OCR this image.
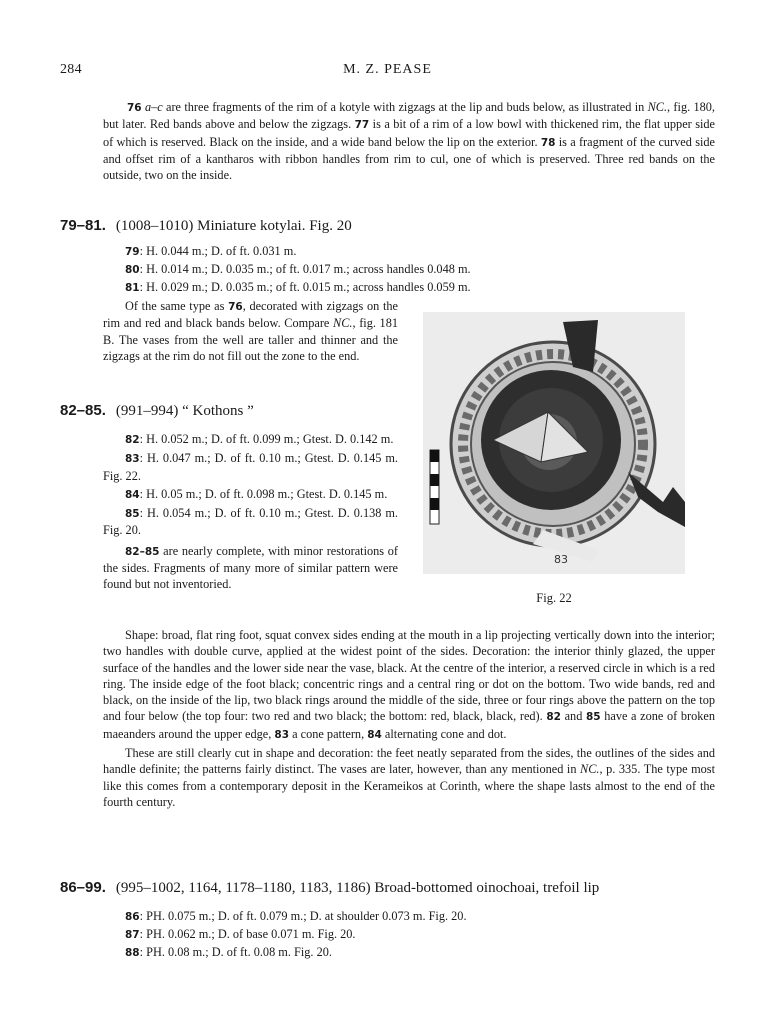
284	M. Z. PEASE

76 a–c are three fragments of the rim of a kotyle with zigzags at the lip and buds below, as illustrated in NC., fig. 180, but later. Red bands above and below the zigzags. 77 is a bit of a rim of a low bowl with thickened rim, the flat upper side of which is reserved. Black on the inside, and a wide band below the lip on the exterior. 78 is a fragment of the curved side and offset rim of a kantharos with ribbon handles from rim to cul, one of which is preserved. Three red bands on the outside, two on the inside.

79–81. (1008–1010) Miniature kotylai. Fig. 20
79: H. 0.044 m.; D. of ft. 0.031 m.
80: H. 0.014 m.; D. 0.035 m.; of ft. 0.017 m.; across handles 0.048 m.
81: H. 0.029 m.; D. 0.035 m.; of ft. 0.015 m.; across handles 0.059 m.

Of the same type as 76, decorated with zigzags on the rim and red and black bands below. Compare NC., fig. 181 B. The vases from the well are taller and thinner and the zigzags at the rim do not fill out the zone to the end.

82–85. (991–994) “ Kothons ”

82: H. 0.052 m.; D. of ft. 0.099 m.; Gtest. D. 0.142 m.

83: H. 0.047 m.; D. of ft. 0.10 m.; Gtest. D. 0.145 m. Fig. 22.

84: H. 0.05 m.; D. of ft. 0.098 m.; Gtest. D. 0.145 m.

85: H. 0.054 m.; D. of ft. 0.10 m.; Gtest. D. 0.138 m. Fig. 20.

82–85 are nearly complete, with minor restorations of the sides. Fragments of many more of similar pattern were found but not inventoried.

83
Fig. 22

Shape: broad, flat ring foot, squat convex sides ending at the mouth in a lip projecting vertically down into the interior; two handles with double curve, applied at the widest point of the sides. Decoration: the interior thinly glazed, the upper surface of the handles and the lower side near the vase, black. At the centre of the interior, a reserved circle in which is a red ring. The inside edge of the foot black; concentric rings and a central ring or dot on the bottom. Two wide bands, red and black, on the inside of the lip, two black rings around the middle of the side, three or four rings above the pattern on the top and four below (the top four: two red and two black; the bottom: red, black, black, red). 82 and 85 have a zone of broken maeanders around the upper edge, 83 a cone pattern, 84 alternating cone and dot.

These are still clearly cut in shape and decoration: the feet neatly separated from the sides, the outlines of the sides and handle definite; the patterns fairly distinct. The vases are later, however, than any mentioned in NC., p. 335. The type most like this comes from a contemporary deposit in the Kerameikos at Corinth, where the shape lasts almost to the end of the fourth century.

86–99. (995–1002, 1164, 1178–1180, 1183, 1186) Broad-bottomed oinochoai, trefoil lip
86: PH. 0.075 m.; D. of ft. 0.079 m.; D. at shoulder 0.073 m. Fig. 20.
87: PH. 0.062 m.; D. of base 0.071 m. Fig. 20.
88: PH. 0.08 m.; D. of ft. 0.08 m. Fig. 20.
